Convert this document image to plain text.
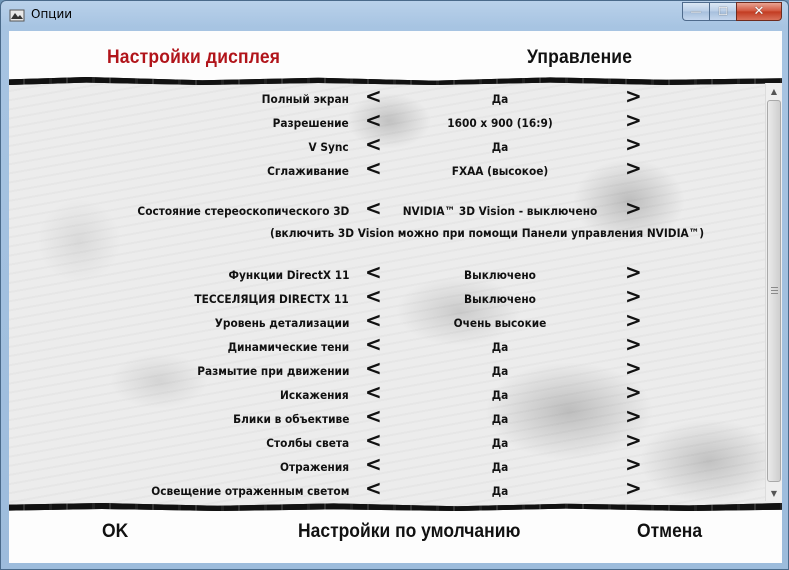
Опции	—	☐	✕
Настройки дисплея	Управление
Полный экран <	Да	>
Разрешение <	1600 x 900 (16:9)	>
V Sync <	Да	>
Сглаживание <	FXAA (высокое)	>
Состояние стереоскопического 3D <	NVIDIA™ 3D Vision - выключено	>
(включить 3D Vision можно при помощи Панели управления NVIDIA™)
Функции DirectX 11 <	Выключено	>
ТЕССЕЛЯЦИЯ DIRECTX 11 <	Выключено	>
Уровень детализации <	Очень высокие	>
Динамические тени <	Да	>
Размытие при движении <	Да	>
Искажения <	Да	>
Блики в объективе <	Да	>
Столбы света <	Да	>
Отражения <	Да	>
Освещение отраженным светом <	Да	>
▲
▼
OK	Настройки по умолчанию	Отмена
